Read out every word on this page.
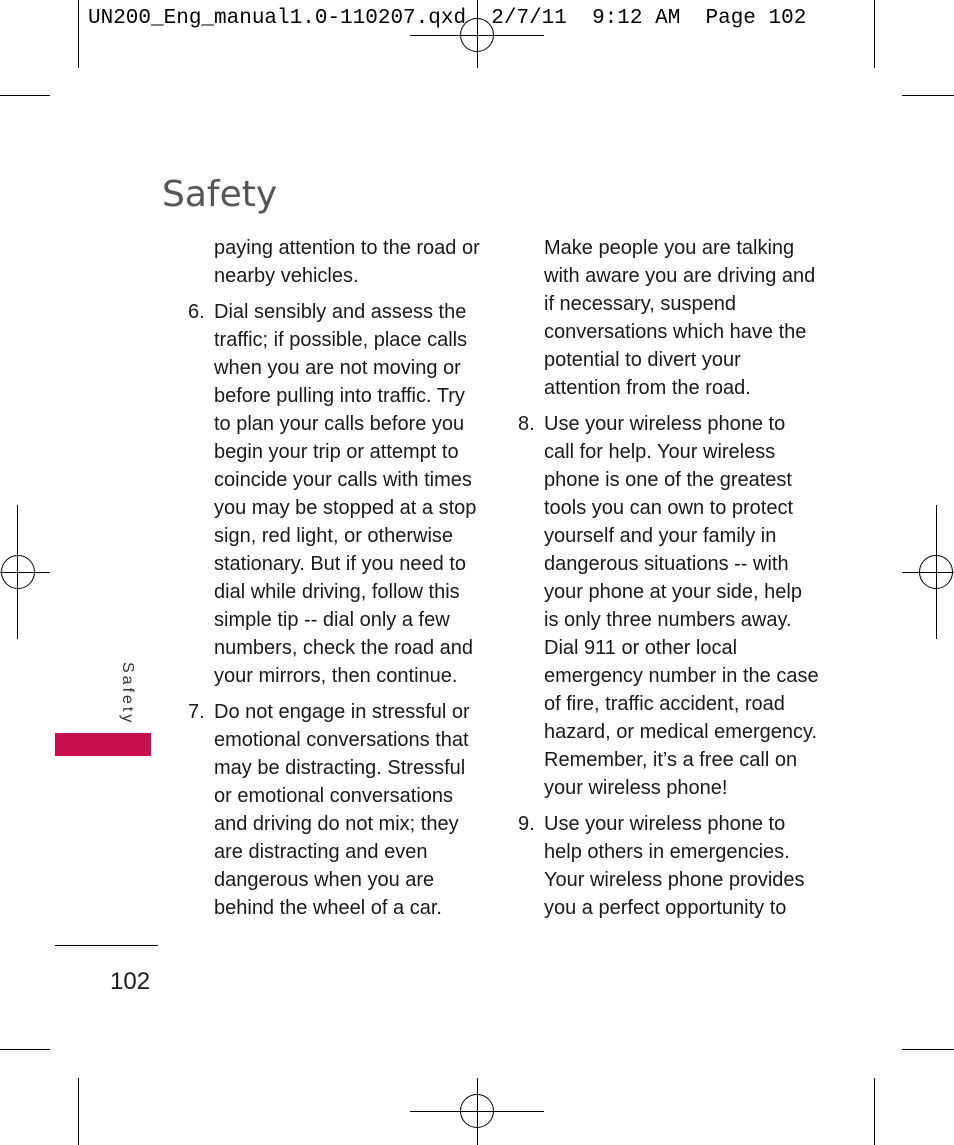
UN200_Eng_manual1.0-110207.qxd  2/7/11  9:12 AM  Page 102
Safety

paying attention to the road or nearby vehicles.

6. Dial sensibly and assess the traffic; if possible, place calls when you are not moving or before pulling into traffic. Try to plan your calls before you begin your trip or attempt to coincide your calls with times you may be stopped at a stop sign, red light, or otherwise stationary. But if you need to dial while driving, follow this simple tip -- dial only a few numbers, check the road and your mirrors, then continue.

7. Do not engage in stressful or emotional conversations that may be distracting. Stressful or emotional conversations and driving do not mix; they are distracting and even dangerous when you are behind the wheel of a car.

Make people you are talking with aware you are driving and if necessary, suspend conversations which have the potential to divert your attention from the road.

8. Use your wireless phone to call for help. Your wireless phone is one of the greatest tools you can own to protect yourself and your family in dangerous situations -- with your phone at your side, help is only three numbers away. Dial 911 or other local emergency number in the case of fire, traffic accident, road hazard, or medical emergency. Remember, it’s a free call on your wireless phone!

9. Use your wireless phone to help others in emergencies. Your wireless phone provides you a perfect opportunity to

Safety
102
